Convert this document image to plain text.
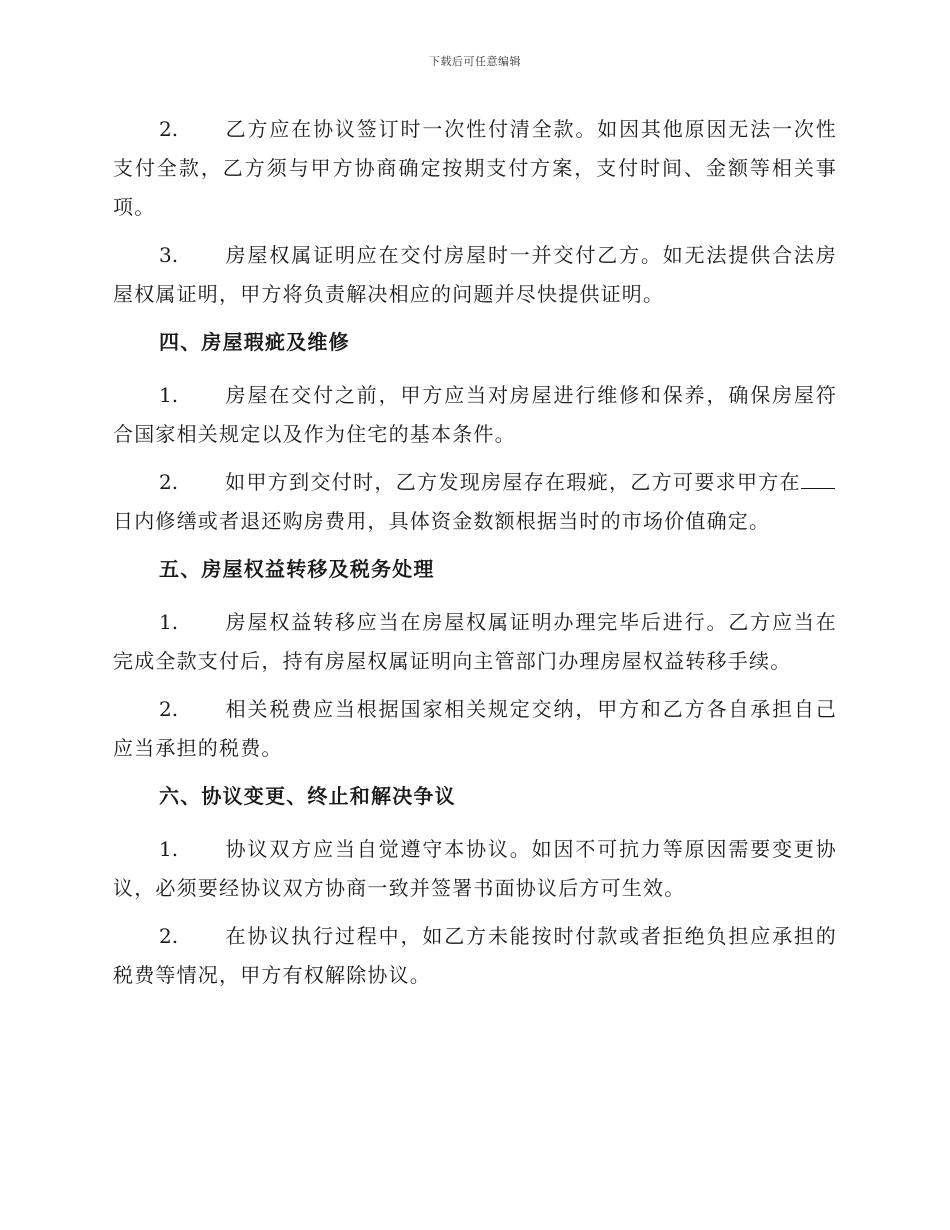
下载后可任意编辑

2. 乙方应在协议签订时一次性付清全款。如因其他原因无法一次性支付全款，乙方须与甲方协商确定按期支付方案，支付时间、金额等相关事项。

3. 房屋权属证明应在交付房屋时一并交付乙方。如无法提供合法房屋权属证明，甲方将负责解决相应的问题并尽快提供证明。

四、房屋瑕疵及维修

1. 房屋在交付之前，甲方应当对房屋进行维修和保养，确保房屋符合国家相关规定以及作为住宅的基本条件。

2. 如甲方到交付时，乙方发现房屋存在瑕疵，乙方可要求甲方在日内修缮或者退还购房费用，具体资金数额根据当时的市场价值确定。

五、房屋权益转移及税务处理

1. 房屋权益转移应当在房屋权属证明办理完毕后进行。乙方应当在完成全款支付后，持有房屋权属证明向主管部门办理房屋权益转移手续。

2. 相关税费应当根据国家相关规定交纳，甲方和乙方各自承担自己应当承担的税费。

六、协议变更、终止和解决争议

1. 协议双方应当自觉遵守本协议。如因不可抗力等原因需要变更协议，必须要经协议双方协商一致并签署书面协议后方可生效。

2. 在协议执行过程中，如乙方未能按时付款或者拒绝负担应承担的税费等情况，甲方有权解除协议。
